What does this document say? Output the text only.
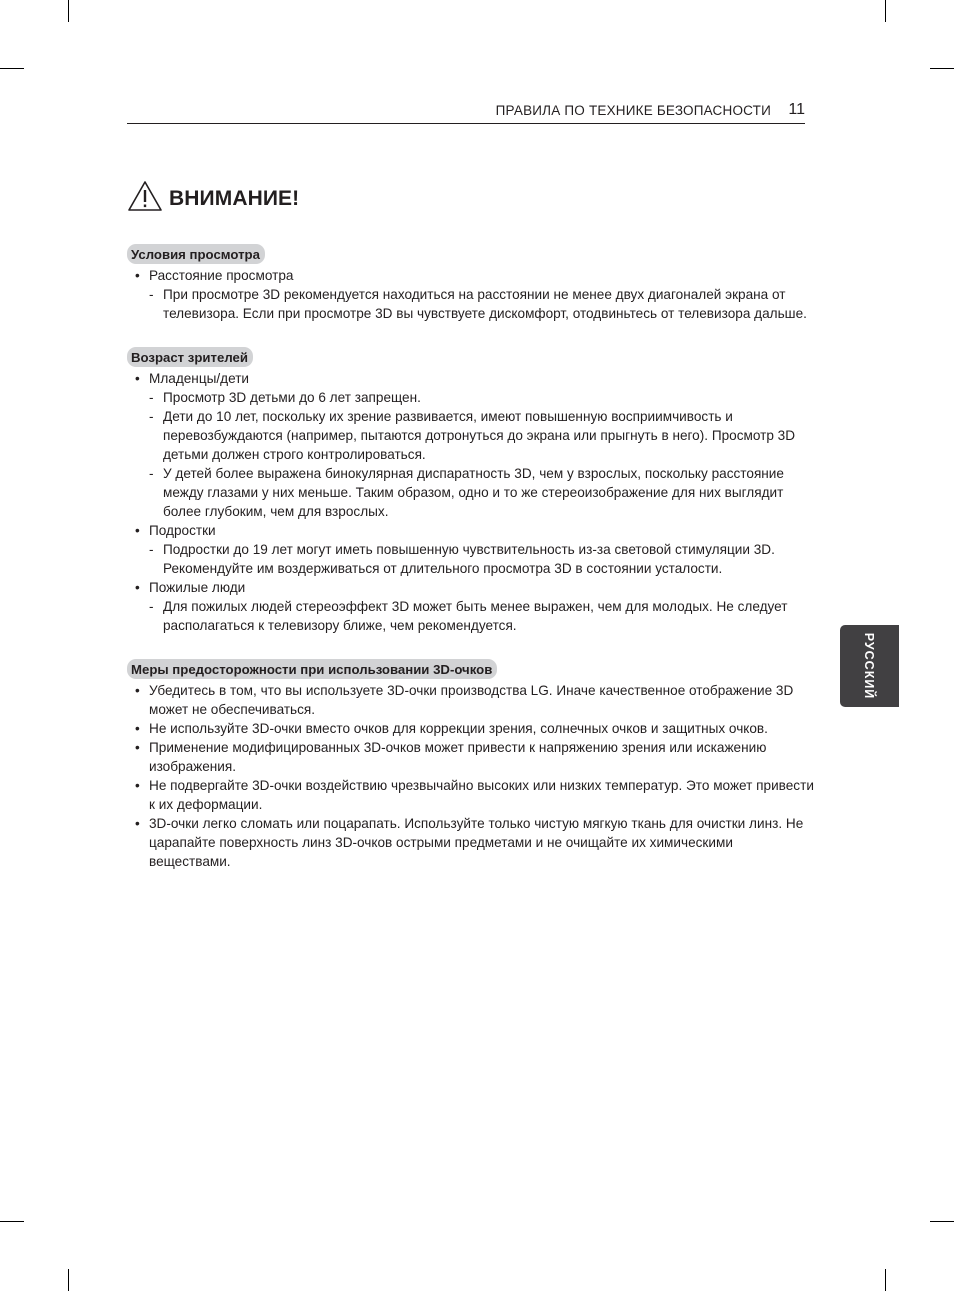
ПРАВИЛА ПО ТЕХНИКЕ БЕЗОПАСНОСТИ 11
ВНИМАНИЕ!
Условия просмотра
• Расстояние просмотра
- При просмотре 3D рекомендуется находиться на расстоянии не менее двух диагоналей экрана от телевизора. Если при просмотре 3D вы чувствуете дискомфорт, отодвиньтесь от телевизора дальше.
Возраст зрителей
• Младенцы/дети
- Просмотр 3D детьми до 6 лет запрещен.
- Дети до 10 лет, поскольку их зрение развивается, имеют повышенную восприимчивость и перевозбуждаются (например, пытаются дотронуться до экрана или прыгнуть в него). Просмотр 3D детьми должен строго контролироваться.
- У детей более выражена бинокулярная диспаратность 3D, чем у взрослых, поскольку расстояние между глазами у них меньше. Таким образом, одно и то же стереоизображение для них выглядит более глубоким, чем для взрослых.
• Подростки
- Подростки до 19 лет могут иметь повышенную чувствительность из-за световой стимуляции 3D. Рекомендуйте им воздерживаться от длительного просмотра 3D в состоянии усталости.
• Пожилые люди
- Для пожилых людей стереоэффект 3D может быть менее выражен, чем для молодых. Не следует располагаться к телевизору ближе, чем рекомендуется.
Меры предосторожности при использовании 3D-очков
• Убедитесь в том, что вы используете 3D-очки производства LG. Иначе качественное отображение 3D может не обеспечиваться.
• Не используйте 3D-очки вместо очков для коррекции зрения, солнечных очков и защитных очков.
• Применение модифицированных 3D-очков может привести к напряжению зрения или искажению изображения.
• Не подвергайте 3D-очки воздействию чрезвычайно высоких или низких температур. Это может привести к их деформации.
• 3D-очки легко сломать или поцарапать. Используйте только чистую мягкую ткань для очистки линз. Не царапайте поверхность линз 3D-очков острыми предметами и не очищайте их химическими веществами.
РУССКИЙ
